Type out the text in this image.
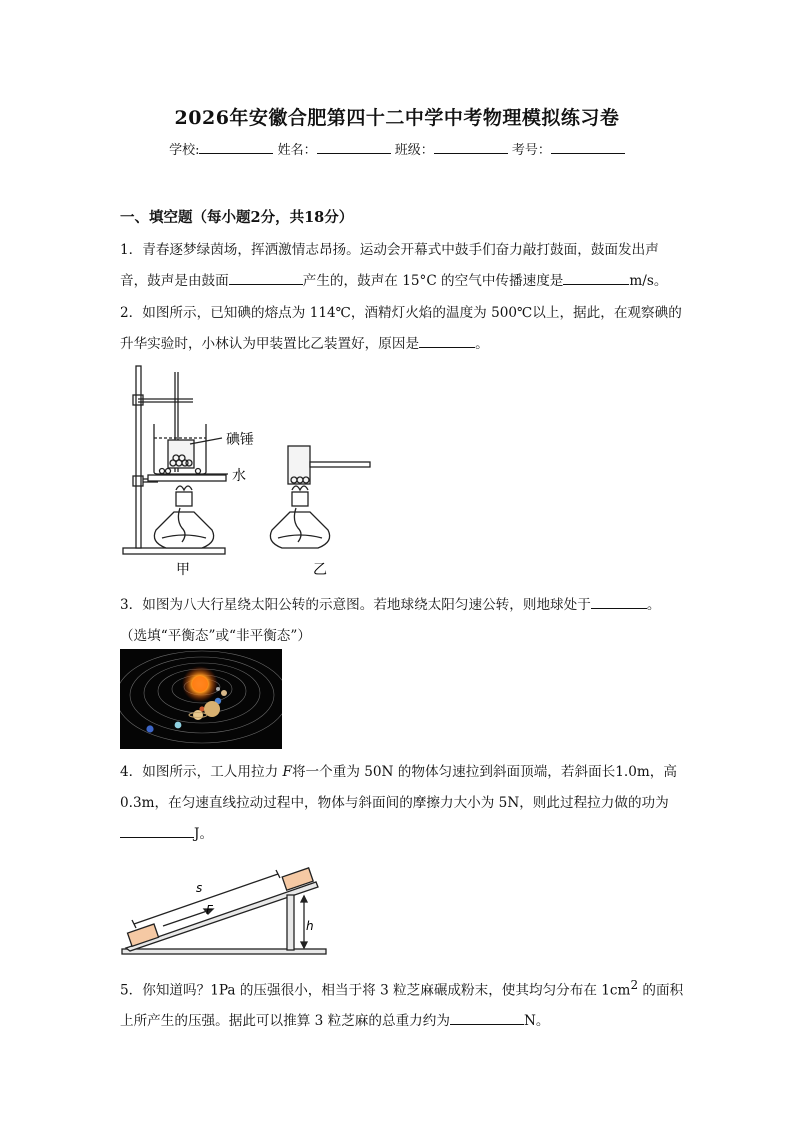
2026年安徽合肥第四十二中学中考物理模拟练习卷
学校:	姓名：	班级：	考号：
一、填空题（每小题2分，共18分）
1．青春逐梦绿茵场，挥洒激情志昂扬。运动会开幕式中鼓手们奋力敲打鼓面，鼓面发出声
音，鼓声是由鼓面	产生的，鼓声在 15°C 的空气中传播速度是	m/s。
2．如图所示，已知碘的熔点为 114℃，酒精灯火焰的温度为 500℃以上，据此，在观察碘的
升华实验时，小林认为甲装置比乙装置好，原因是	。
碘锤
水
甲	乙
3．如图为八大行星绕太阳公转的示意图。若地球绕太阳匀速公转，则地球处于	。
（选填“平衡态”或“非平衡态”）
4．如图所示，工人用拉力 F将一个重为 50N 的物体匀速拉到斜面顶端，若斜面长1.0m，高
0.3m，在匀速直线拉动过程中，物体与斜面间的摩擦力大小为 5N，则此过程拉力做的功为
J。
s
F
h
5．你知道吗？1Pa 的压强很小，相当于将 3 粒芝麻碾成粉末，使其均匀分布在 $1cm^2$ 的面积
上所产生的压强。据此可以推算 3 粒芝麻的总重力约为	N。
